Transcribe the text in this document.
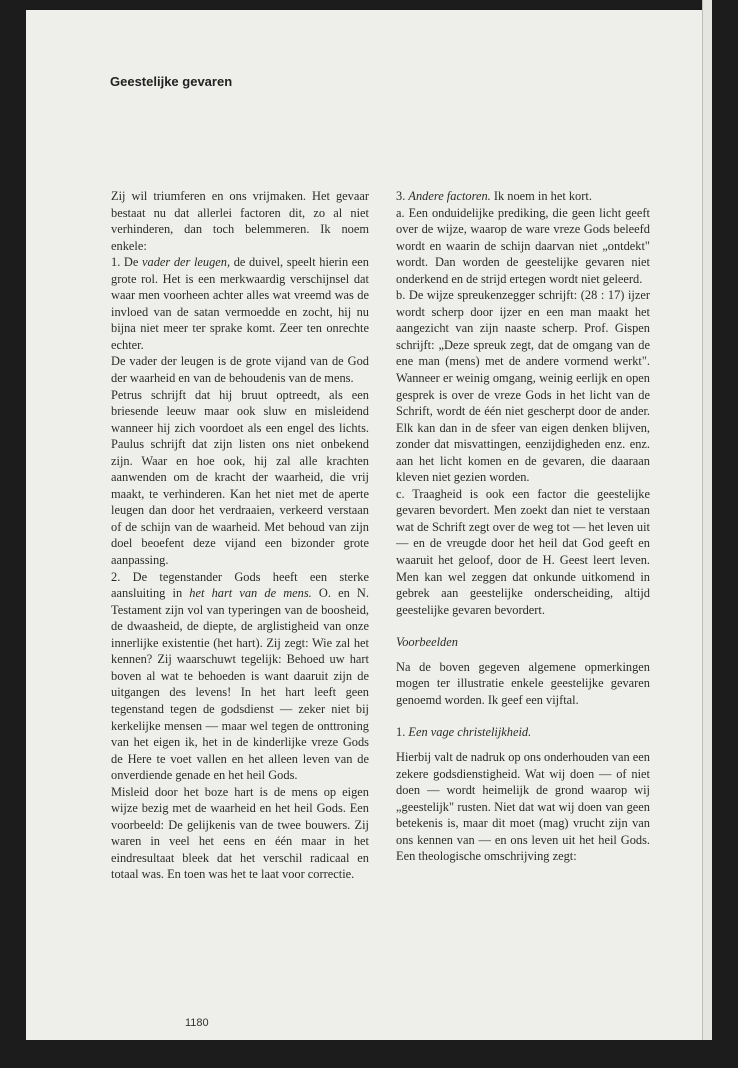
Geestelijke gevaren

Zij wil triumferen en ons vrijmaken. Het gevaar bestaat nu dat allerlei factoren dit, zo al niet verhinderen, dan toch belemmeren. Ik noem enkele:

1. De vader der leugen, de duivel, speelt hierin een grote rol. Het is een merkwaardig verschijnsel dat waar men voorheen achter alles wat vreemd was de invloed van de satan vermoedde en zocht, hij nu bijna niet meer ter sprake komt. Zeer ten onrechte echter.

De vader der leugen is de grote vijand van de God der waarheid en van de behoudenis van de mens.

Petrus schrijft dat hij bruut optreedt, als een briesende leeuw maar ook sluw en misleidend wanneer hij zich voordoet als een engel des lichts. Paulus schrijft dat zijn listen ons niet onbekend zijn. Waar en hoe ook, hij zal alle krachten aanwenden om de kracht der waarheid, die vrij maakt, te verhinderen. Kan het niet met de aperte leugen dan door het verdraaien, verkeerd verstaan of de schijn van de waarheid. Met behoud van zijn doel beoefent deze vijand een bizonder grote aanpassing.

2. De tegenstander Gods heeft een sterke aansluiting in het hart van de mens. O. en N. Testament zijn vol van typeringen van de boosheid, de dwaasheid, de diepte, de arglistigheid van onze innerlijke existentie (het hart). Zij zegt: Wie zal het kennen? Zij waarschuwt tegelijk: Behoed uw hart boven al wat te behoeden is want daaruit zijn de uitgangen des levens! In het hart leeft geen tegenstand tegen de godsdienst — zeker niet bij kerkelijke mensen — maar wel tegen de onttroning van het eigen ik, het in de kinderlijke vreze Gods de Here te voet vallen en het alleen leven van de onverdiende genade en het heil Gods.

Misleid door het boze hart is de mens op eigen wijze bezig met de waarheid en het heil Gods. Een voorbeeld: De gelijkenis van de twee bouwers. Zij waren in veel het eens en één maar in het eindresultaat bleek dat het verschil radicaal en totaal was. En toen was het te laat voor correctie.

3. Andere factoren. Ik noem in het kort.

a. Een onduidelijke prediking, die geen licht geeft over de wijze, waarop de ware vreze Gods beleefd wordt en waarin de schijn daarvan niet „ontdekt" wordt. Dan worden de geestelijke gevaren niet onderkend en de strijd ertegen wordt niet geleerd.

b. De wijze spreukenzegger schrijft: (28 : 17) ijzer wordt scherp door ijzer en een man maakt het aangezicht van zijn naaste scherp. Prof. Gispen schrijft: „Deze spreuk zegt, dat de omgang van de ene man (mens) met de andere vormend werkt". Wanneer er weinig omgang, weinig eerlijk en open gesprek is over de vreze Gods in het licht van de Schrift, wordt de één niet gescherpt door de ander. Elk kan dan in de sfeer van eigen denken blijven, zonder dat misvattingen, eenzijdigheden enz. enz. aan het licht komen en de gevaren, die daaraan kleven niet gezien worden.

c. Traagheid is ook een factor die geestelijke gevaren bevordert. Men zoekt dan niet te verstaan wat de Schrift zegt over de weg tot — het leven uit — en de vreugde door het heil dat God geeft en waaruit het geloof, door de H. Geest leert leven. Men kan wel zeggen dat onkunde uitkomend in gebrek aan geestelijke onderscheiding, altijd geestelijke gevaren bevordert.

Voorbeelden

Na de boven gegeven algemene opmerkingen mogen ter illustratie enkele geestelijke gevaren genoemd worden. Ik geef een vijftal.

1. Een vage christelijkheid.

Hierbij valt de nadruk op ons onderhouden van een zekere godsdienstigheid. Wat wij doen — of niet doen — wordt heimelijk de grond waarop wij „geestelijk" rusten. Niet dat wat wij doen van geen betekenis is, maar dit moet (mag) vrucht zijn van ons kennen van — en ons leven uit het heil Gods. Een theologische omschrijving zegt:

1180
